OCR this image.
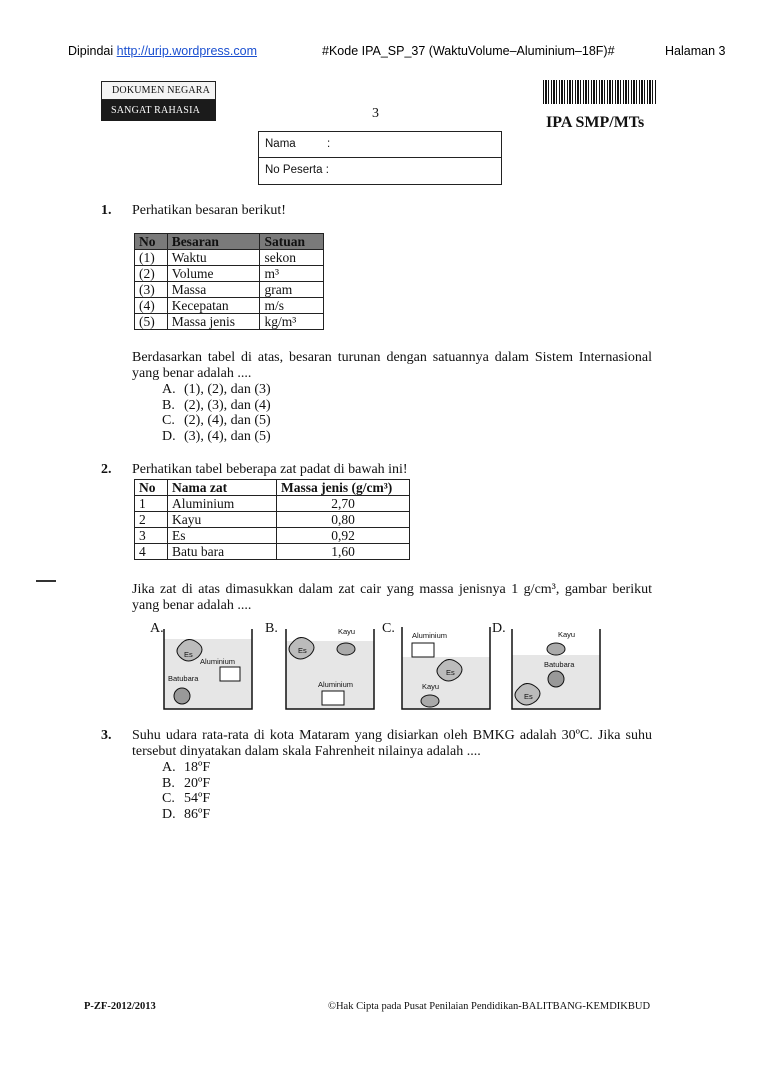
Dipindai http://urip.wordpress.com	#Kode IPA_SP_37 (WaktuVolume–Aluminium–18F)#	Halaman 3
DOKUMEN NEGARA
SANGAT RAHASIA	3
IPA SMP/MTs
Nama	:
No Peserta :
1. Perhatikan besaran berikut!
No	Besaran	Satuan
(1)	Waktu	sekon
(2)	Volume	m³
(3)	Massa	gram
(4)	Kecepatan	m/s
(5)	Massa jenis	kg/m³
Berdasarkan tabel di atas, besaran turunan dengan satuannya dalam Sistem Internasional yang benar adalah ....
A. (1), (2), dan (3)
B. (2), (3), dan (4)
C. (2), (4), dan (5)
D. (3), (4), dan (5)
2. Perhatikan tabel beberapa zat padat di bawah ini!
No	Nama zat	Massa jenis (g/cm³)
1	Aluminium	2,70
2	Kayu	0,80
3	Es	0,92
4	Batu bara	1,60
Jika zat di atas dimasukkan dalam zat cair yang massa jenisnya 1 g/cm³, gambar berikut yang benar adalah ....
A.
Es
Aluminium
Batubara
B.	Kayu
Es
Aluminium
C. Aluminium
Es
Kayu
D.	Kayu
Batubara
Es
3. Suhu udara rata-rata di kota Mataram yang disiarkan oleh BMKG adalah 30ºC. Jika suhu tersebut dinyatakan dalam skala Fahrenheit nilainya adalah ....
A. 18ºF
B. 20ºF
C. 54ºF
D. 86ºF
P-ZF-2012/2013	©Hak Cipta pada Pusat Penilaian Pendidikan-BALITBANG-KEMDIKBUD
